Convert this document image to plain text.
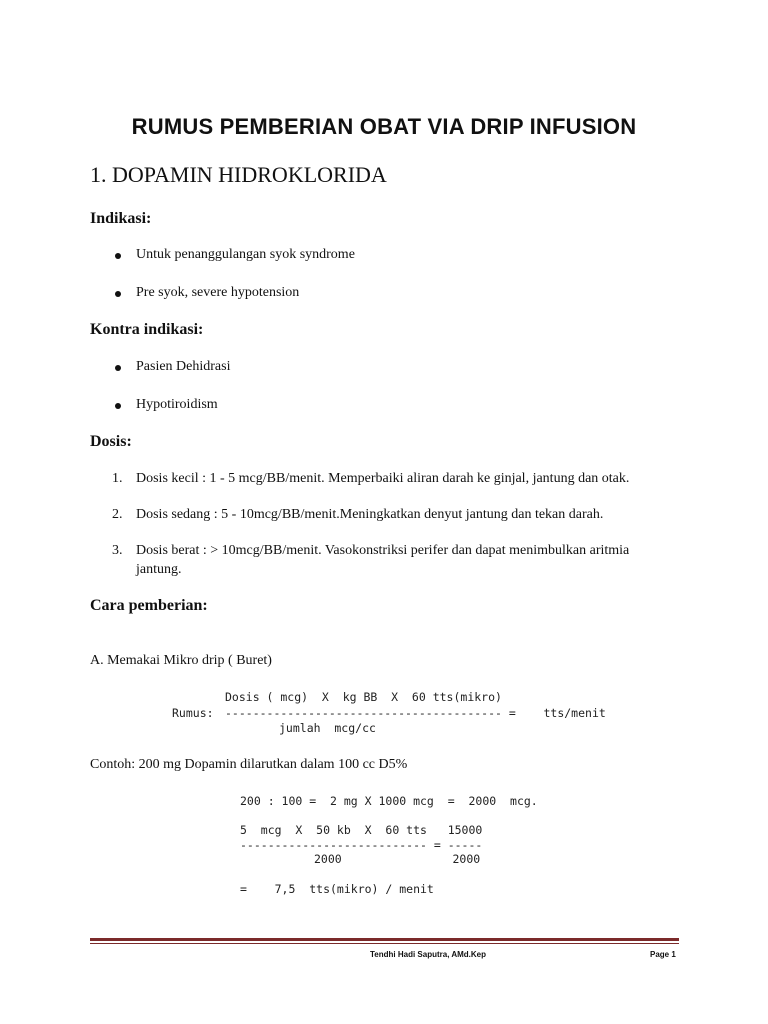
RUMUS PEMBERIAN OBAT VIA DRIP INFUSION
1. DOPAMIN HIDROKLORIDA
Indikasi:
Untuk penanggulangan syok syndrome
Pre syok, severe hypotension
Kontra indikasi:
Pasien Dehidrasi
Hypotiroidism
Dosis:
1. Dosis kecil : 1 - 5 mcg/BB/menit. Memperbaiki aliran darah ke ginjal, jantung dan otak.
2. Dosis sedang : 5 - 10mcg/BB/menit.Meningkatkan denyut jantung dan tekan darah.
3. Dosis berat : > 10mcg/BB/menit. Vasokonstriksi perifer dan dapat menimbulkan aritmia
jantung.
Cara pemberian:
A. Memakai Mikro drip ( Buret)
Dosis ( mcg)  X  kg BB  X  60 tts(mikro)
Rumus: ---------------------------------------- =    tts/menit
jumlah  mcg/cc
Contoh: 200 mg Dopamin dilarutkan dalam 100 cc D5%
200 : 100 =  2 mg X 1000 mcg  =  2000  mcg.
5  mcg  X  50 kb  X  60 tts   15000
--------------------------- = -----
2000                2000
=    7,5  tts(mikro) / menit
Tendhi Hadi Saputra, AMd.Kep	Page 1
